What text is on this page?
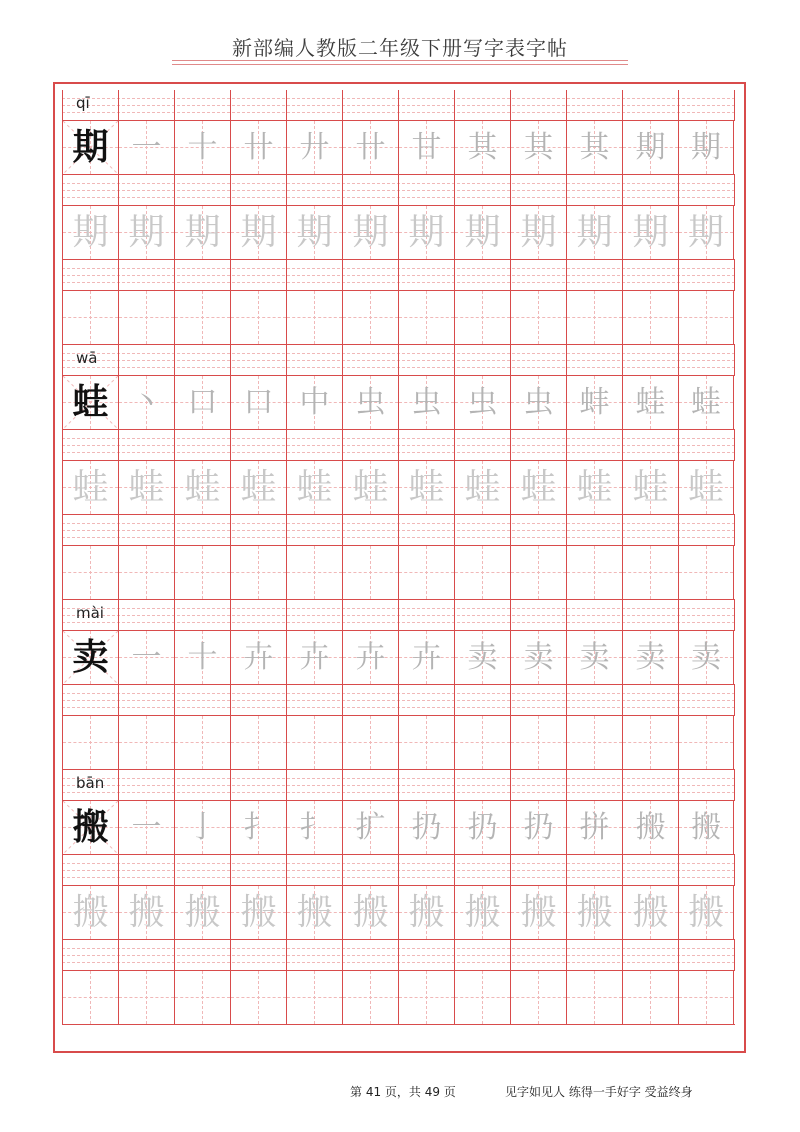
新部编人教版二年级下册写字表字帖
qī
期 一 十 卄 廾 卄 甘 其 其 其 期 期
期 期 期 期 期 期 期 期 期 期 期 期
wā
蛙 丶 口 口 中 虫 虫 虫 虫 蚌 蛙 蛙
蛙 蛙 蛙 蛙 蛙 蛙 蛙 蛙 蛙 蛙 蛙 蛙
mài
卖 一 十 卉 卉 卉 卉 卖 卖 卖 卖 卖
bān
搬 一 亅 扌 扌 扩 扔 扔 扔 拼 搬 搬
搬 搬 搬 搬 搬 搬 搬 搬 搬 搬 搬 搬
第 41 页，共 49 页	见字如见人 练得一手好字 受益终身
